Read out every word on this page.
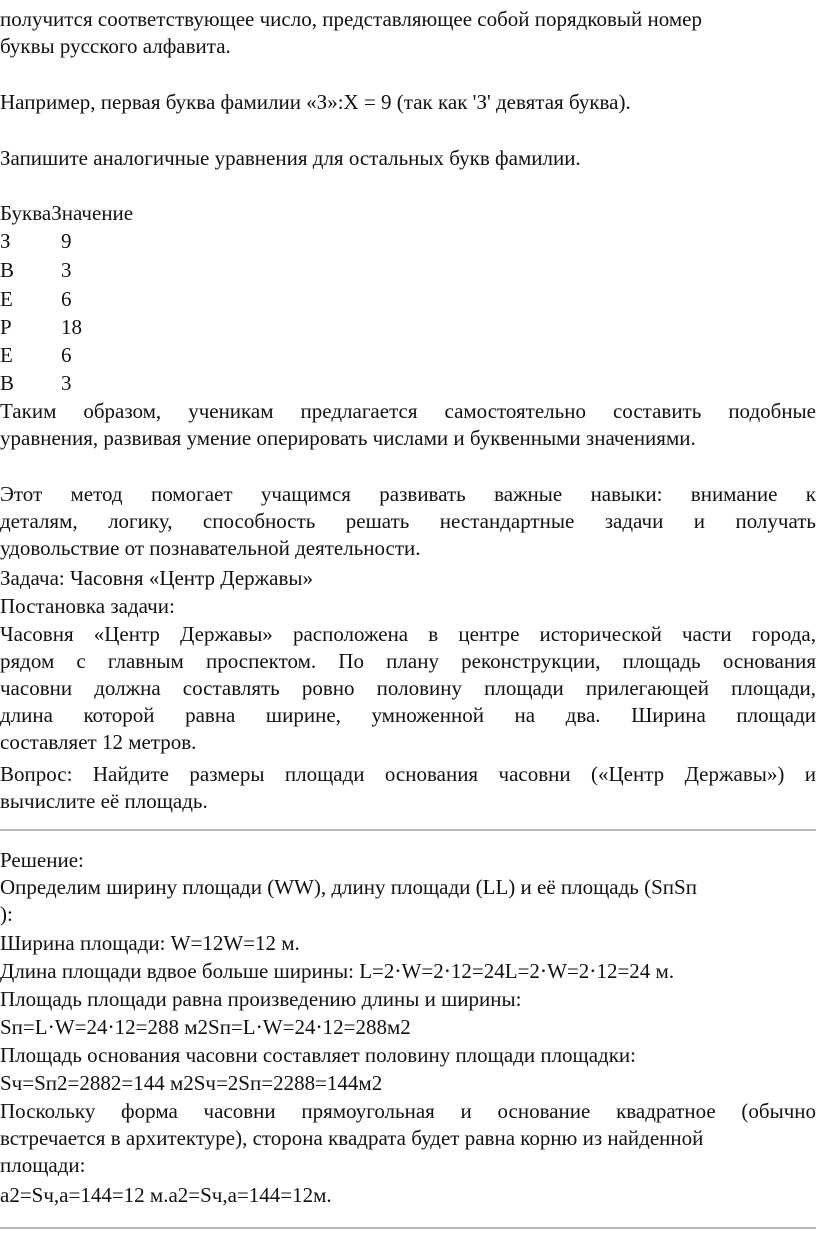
получится соответствующее число, представляющее собой порядковый номер
буквы русского алфавита.
Например, первая буква фамилии «З»:X = 9 (так как 'З' девятая буква).
Запишите аналогичные уравнения для остальных букв фамилии.
БукваЗначение
З 9
В 3
Е 6
Р 18
Е 6
В 3
Таким образом, ученикам предлагается самостоятельно составить подобные
уравнения, развивая умение оперировать числами и буквенными значениями.
Этот метод помогает учащимся развивать важные навыки: внимание к
деталям, логику, способность решать нестандартные задачи и получать
удовольствие от познавательной деятельности.
Задача: Часовня «Центр Державы»
Постановка задачи:
Часовня «Центр Державы» расположена в центре исторической части города,
рядом с главным проспектом. По плану реконструкции, площадь основания
часовни должна составлять ровно половину площади прилегающей площади,
длина которой равна ширине, умноженной на два. Ширина площади
составляет 12 метров.
Вопрос: Найдите размеры площади основания часовни («Центр Державы») и
вычислите её площадь.
Решение:
Определим ширину площади (WW), длину площади (LL) и её площадь (SпSп
):
Ширина площади: W=12W=12 м.
Длина площади вдвое больше ширины: L=2⋅W=2⋅12=24L=2⋅W=2⋅12=24 м.
Площадь площади равна произведению длины и ширины:
Sп=L⋅W=24⋅12=288 м2Sп=L⋅W=24⋅12=288м2
Площадь основания часовни составляет половину площади площадки:
Sч=Sп2=2882=144 м2Sч=2Sп=2288=144м2
Поскольку форма часовни прямоугольная и основание квадратное (обычно
встречается в архитектуре), сторона квадрата будет равна корню из найденной
площади:
a2=Sч,a=144=12 м.a2=Sч,a=144=12м.
